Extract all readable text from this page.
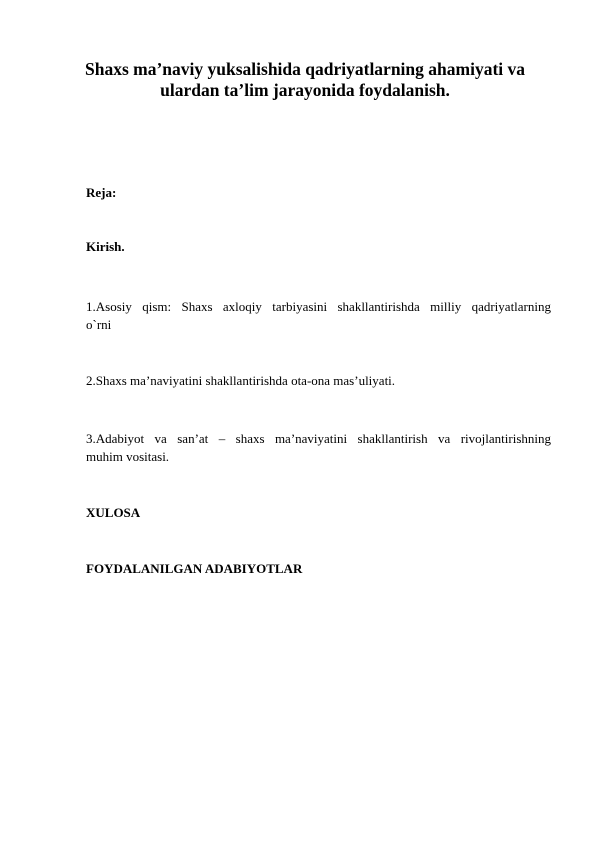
Shaxs ma’naviy yuksalishida qadriyatlarning ahamiyati va
ulardan ta’lim jarayonida foydalanish.

Reja:

Kirish.

1.Asosiy qism: Shaxs axloqiy tarbiyasini shakllantirishda milliy qadriyatlarning
o`rni

2.Shaxs ma’naviyatini shakllantirishda ota-ona mas’uliyati.

3.Adabiyot va san’at – shaxs ma’naviyatini shakllantirish va rivojlantirishning
muhim vositasi.

XULOSA

FOYDALANILGAN ADABIYOTLAR
